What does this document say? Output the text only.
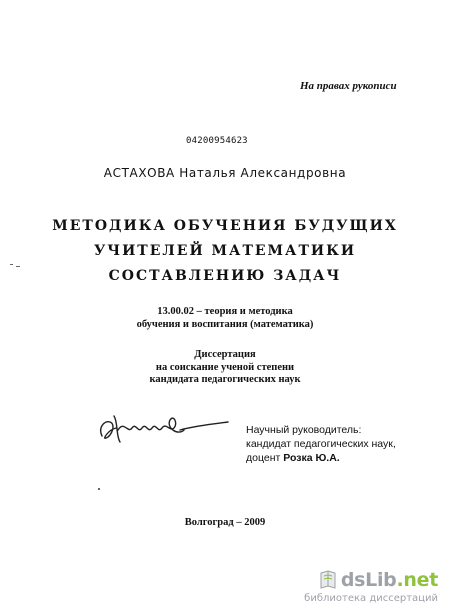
На правах рукописи
04200954623
АСТАХОВА Наталья Александровна
МЕТОДИКА ОБУЧЕНИЯ БУДУЩИХ
УЧИТЕЛЕЙ МАТЕМАТИКИ
СОСТАВЛЕНИЮ ЗАДАЧ
13.00.02 – теория и методика
обучения и воспитания (математика)
Диссертация
на соискание ученой степени
кандидата педагогических наук
Научный руководитель:
кандидат педагогических наук,
доцент Розка Ю.А.
Волгоград – 2009
dsLib.net
библиотека диссертаций
